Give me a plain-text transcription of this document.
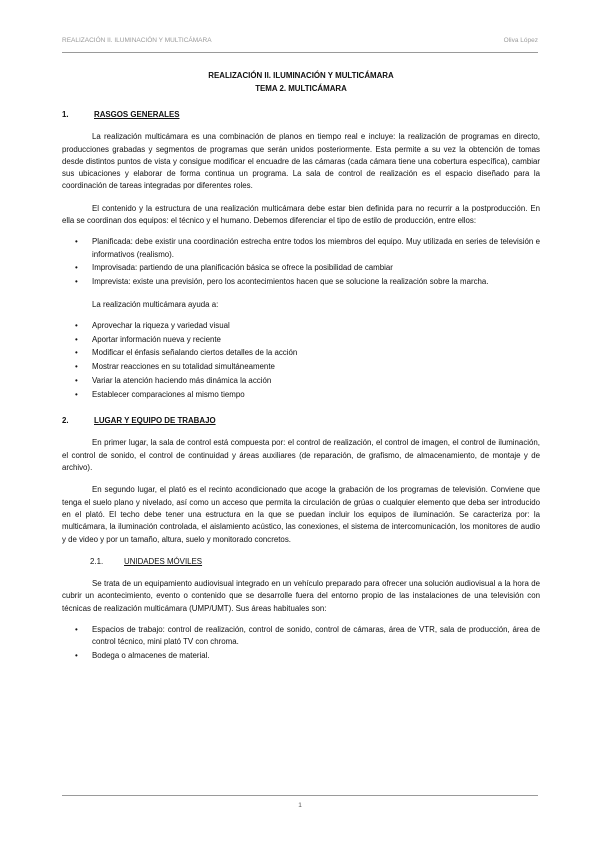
REALIZACIÓN II. ILUMINACIÓN Y MULTICÁMARA	Oliva López
REALIZACIÓN II. ILUMINACIÓN Y MULTICÁMARA
TEMA 2. MULTICÁMARA
1.	RASGOS GENERALES

La realización multicámara es una combinación de planos en tiempo real e incluye: la realización de programas en directo, producciones grabadas y segmentos de programas que serán unidos posteriormente. Esta permite a su vez la obtención de tomas desde distintos puntos de vista y consigue modificar el encuadre de las cámaras (cada cámara tiene una cobertura específica), cambiar sus ubicaciones y elaborar de forma continua un programa. La sala de control de realización es el espacio diseñado para la coordinación de tareas integradas por diferentes roles.

El contenido y la estructura de una realización multicámara debe estar bien definida para no recurrir a la postproducción. En ella se coordinan dos equipos: el técnico y el humano. Debemos diferenciar el tipo de estilo de producción, entre ellos:

• Planificada: debe existir una coordinación estrecha entre todos los miembros del equipo. Muy utilizada en series de televisión e informativos (realismo).
• Improvisada: partiendo de una planificación básica se ofrece la posibilidad de cambiar
• Imprevista: existe una previsión, pero los acontecimientos hacen que se solucione la realización sobre la marcha.

La realización multicámara ayuda a:

• Aprovechar la riqueza y variedad visual
• Aportar información nueva y reciente
• Modificar el énfasis señalando ciertos detalles de la acción
• Mostrar reacciones en su totalidad simultáneamente
• Variar la atención haciendo más dinámica la acción
• Establecer comparaciones al mismo tiempo
2.	LUGAR Y EQUIPO DE TRABAJO

En primer lugar, la sala de control está compuesta por: el control de realización, el control de imagen, el control de iluminación, el control de sonido, el control de continuidad y áreas auxiliares (de reparación, de grafismo, de almacenamiento, de montaje y de archivo).

En segundo lugar, el plató es el recinto acondicionado que acoge la grabación de los programas de televisión. Conviene que tenga el suelo plano y nivelado, así como un acceso que permita la circulación de grúas o cualquier elemento que deba ser introducido en el plató. El techo debe tener una estructura en la que se puedan incluir los equipos de iluminación. Se caracteriza por: la multicámara, la iluminación controlada, el aislamiento acústico, las conexiones, el sistema de intercomunicación, los monitores de audio y de video y por un tamaño, altura, suelo y monitorado concretos.

2.1.	UNIDADES MÓVILES

Se trata de un equipamiento audiovisual integrado en un vehículo preparado para ofrecer una solución audiovisual a la hora de cubrir un acontecimiento, evento o contenido que se desarrolle fuera del entorno propio de las instalaciones de una televisión con técnicas de realización multicámara (UMP/UMT). Sus áreas habituales son:

• Espacios de trabajo: control de realización, control de sonido, control de cámaras, área de VTR, sala de producción, área de control técnico, mini plató TV con chroma.
• Bodega o almacenes de material.
1
